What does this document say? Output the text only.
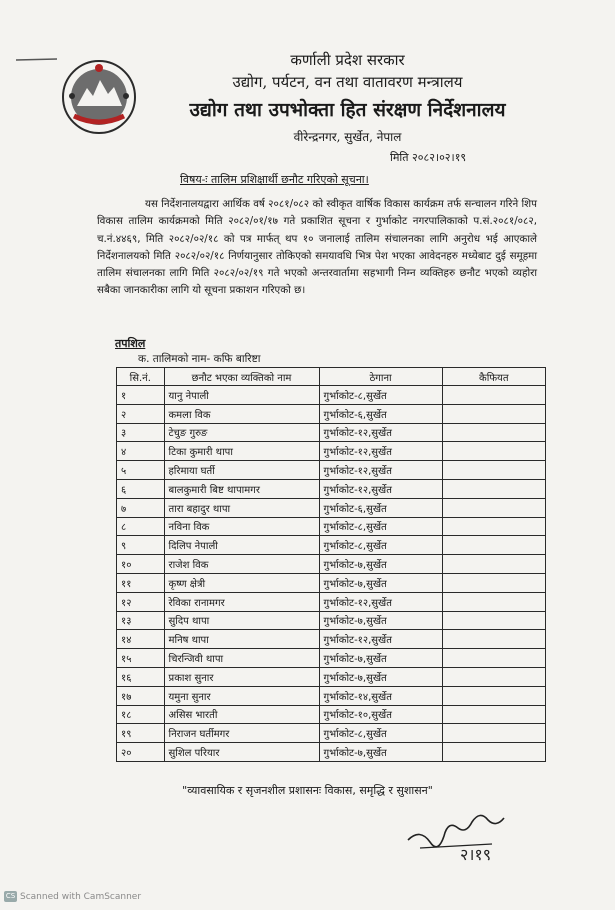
कर्णाली प्रदेश सरकार
उद्योग, पर्यटन, वन तथा वातावरण मन्त्रालय
उद्योग तथा उपभोक्ता हित संरक्षण निर्देशनालय
वीरेन्द्रनगर, सुर्खेत, नेपाल
मिति २०८२।०२।१९
विषय-ः तालिम प्रशिक्षार्थी छनौट गरिएको सूचना।
यस निर्देशनालयद्वारा आर्थिक वर्ष २०८१/०८२ को स्वीकृत वार्षिक विकास कार्यक्रम तर्फ सन्चालन गरिने शिप विकास तालिम कार्यक्रमको मिति २०८२/०१/१७ गते प्रकाशित सूचना र गुर्भाकोट नगरपालिकाको प.सं.२०८१/०८२, च.नं.४४६९, मिति २०८२/०२/१८ को पत्र मार्फत् थप १० जनालाई तालिम संचालनका लागि अनुरोध भई आएकाले निर्देशनालयको मिति २०८२/०२/१८ निर्णयानुसार तोकिएको समयावधि भित्र पेश भएका आवेदनहरु मध्येबाट दुई समूहमा तालिम संचालनका लागि मिति २०८२/०२/१९ गते भएको अन्तरवार्तामा सहभागी निम्न व्यक्तिहरु छनौट भएको व्यहोरा सबैका जानकारीका लागि यो सूचना प्रकाशन गरिएको छ।
तपशिल
क. तालिमको नाम- कफि बारिष्टा
सि.नं.	छनौट भएका व्यक्तिको नाम	ठेगाना	कैफियत
१	यानु नेपाली	गुर्भाकोट-८,सुर्खेत	
२	कमला विक	गुर्भाकोट-६,सुर्खेत	
३	टेचुङ गुरुङ	गुर्भाकोट-१२,सुर्खेत	
४	टिका कुमारी थापा	गुर्भाकोट-१२,सुर्खेत	
५	हरिमाया घर्ती	गुर्भाकोट-१२,सुर्खेत	
६	बालकुमारी बिष्ट थापामगर	गुर्भाकोट-१२,सुर्खेत	
७	तारा बहादुर थापा	गुर्भाकोट-६,सुर्खेत	
८	नविना विक	गुर्भाकोट-८,सुर्खेत	
९	दिलिप नेपाली	गुर्भाकोट-८,सुर्खेत	
१०	राजेश विक	गुर्भाकोट-७,सुर्खेत	
११	कृष्ण क्षेत्री	गुर्भाकोट-७,सुर्खेत	
१२	रेविका रानामगर	गुर्भाकोट-१२,सुर्खेत	
१३	सुदिप थापा	गुर्भाकोट-७,सुर्खेत	
१४	मनिष थापा	गुर्भाकोट-१२,सुर्खेत	
१५	चिरन्जिवी थापा	गुर्भाकोट-७,सुर्खेत	
१६	प्रकाश सुनार	गुर्भाकोट-७,सुर्खेत	
१७	यमुना सुनार	गुर्भाकोट-१४,सुर्खेत	
१८	असिस भारती	गुर्भाकोट-१०,सुर्खेत	
१९	निराजन घर्तीमगर	गुर्भाकोट-८,सुर्खेत	
२०	सुशिल परियार	गुर्भाकोट-७,सुर्खेत	
"व्यावसायिक र सृजनशील प्रशासनः विकास, समृद्धि र सुशासन"
२।१९
CS Scanned with CamScanner
